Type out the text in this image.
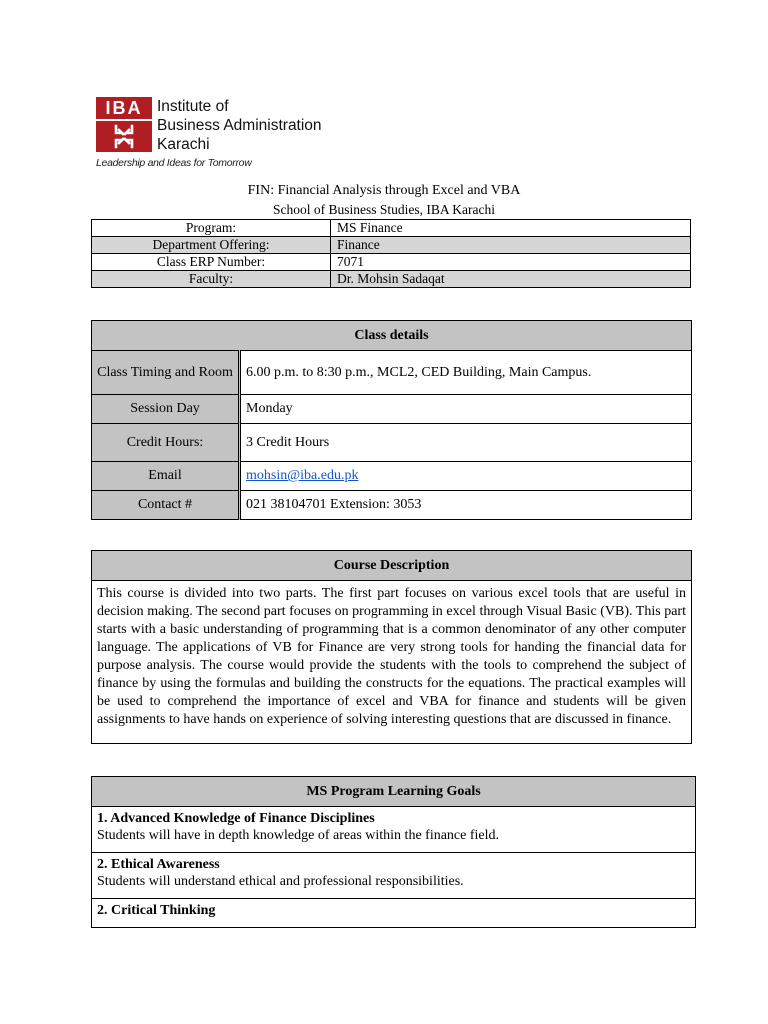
IBA Institute of
Business Administration
Karachi
Leadership and Ideas for Tomorrow
FIN: Financial Analysis through Excel and VBA
School of Business Studies, IBA Karachi
Program:	MS Finance
Department Offering:	Finance
Class ERP Number:	7071
Faculty:	Dr. Mohsin Sadaqat
Class details	
Class Timing and Room	6.00 p.m. to 8:30 p.m., MCL2, CED Building, Main Campus.
Session Day	Monday
Credit Hours:	3 Credit Hours
Email	mohsin@iba.edu.pk
Contact #	021 38104701 Extension: 3053
Course Description
This course is divided into two parts. The first part focuses on various excel tools that are useful in decision making. The second part focuses on programming in excel through Visual Basic (VB). This part starts with a basic understanding of programming that is a common denominator of any other computer language. The applications of VB for Finance are very strong tools for handing the financial data for purpose analysis. The course would provide the students with the tools to comprehend the subject of finance by using the formulas and building the constructs for the equations. The practical examples will be used to comprehend the importance of excel and VBA for finance and students will be given assignments to have hands on experience of solving interesting questions that are discussed in finance.
MS Program Learning Goals

1. Advanced Knowledge of Finance Disciplines
Students will have in depth knowledge of areas within the finance field.

2. Ethical Awareness
Students will understand ethical and professional responsibilities.

2. Critical Thinking
